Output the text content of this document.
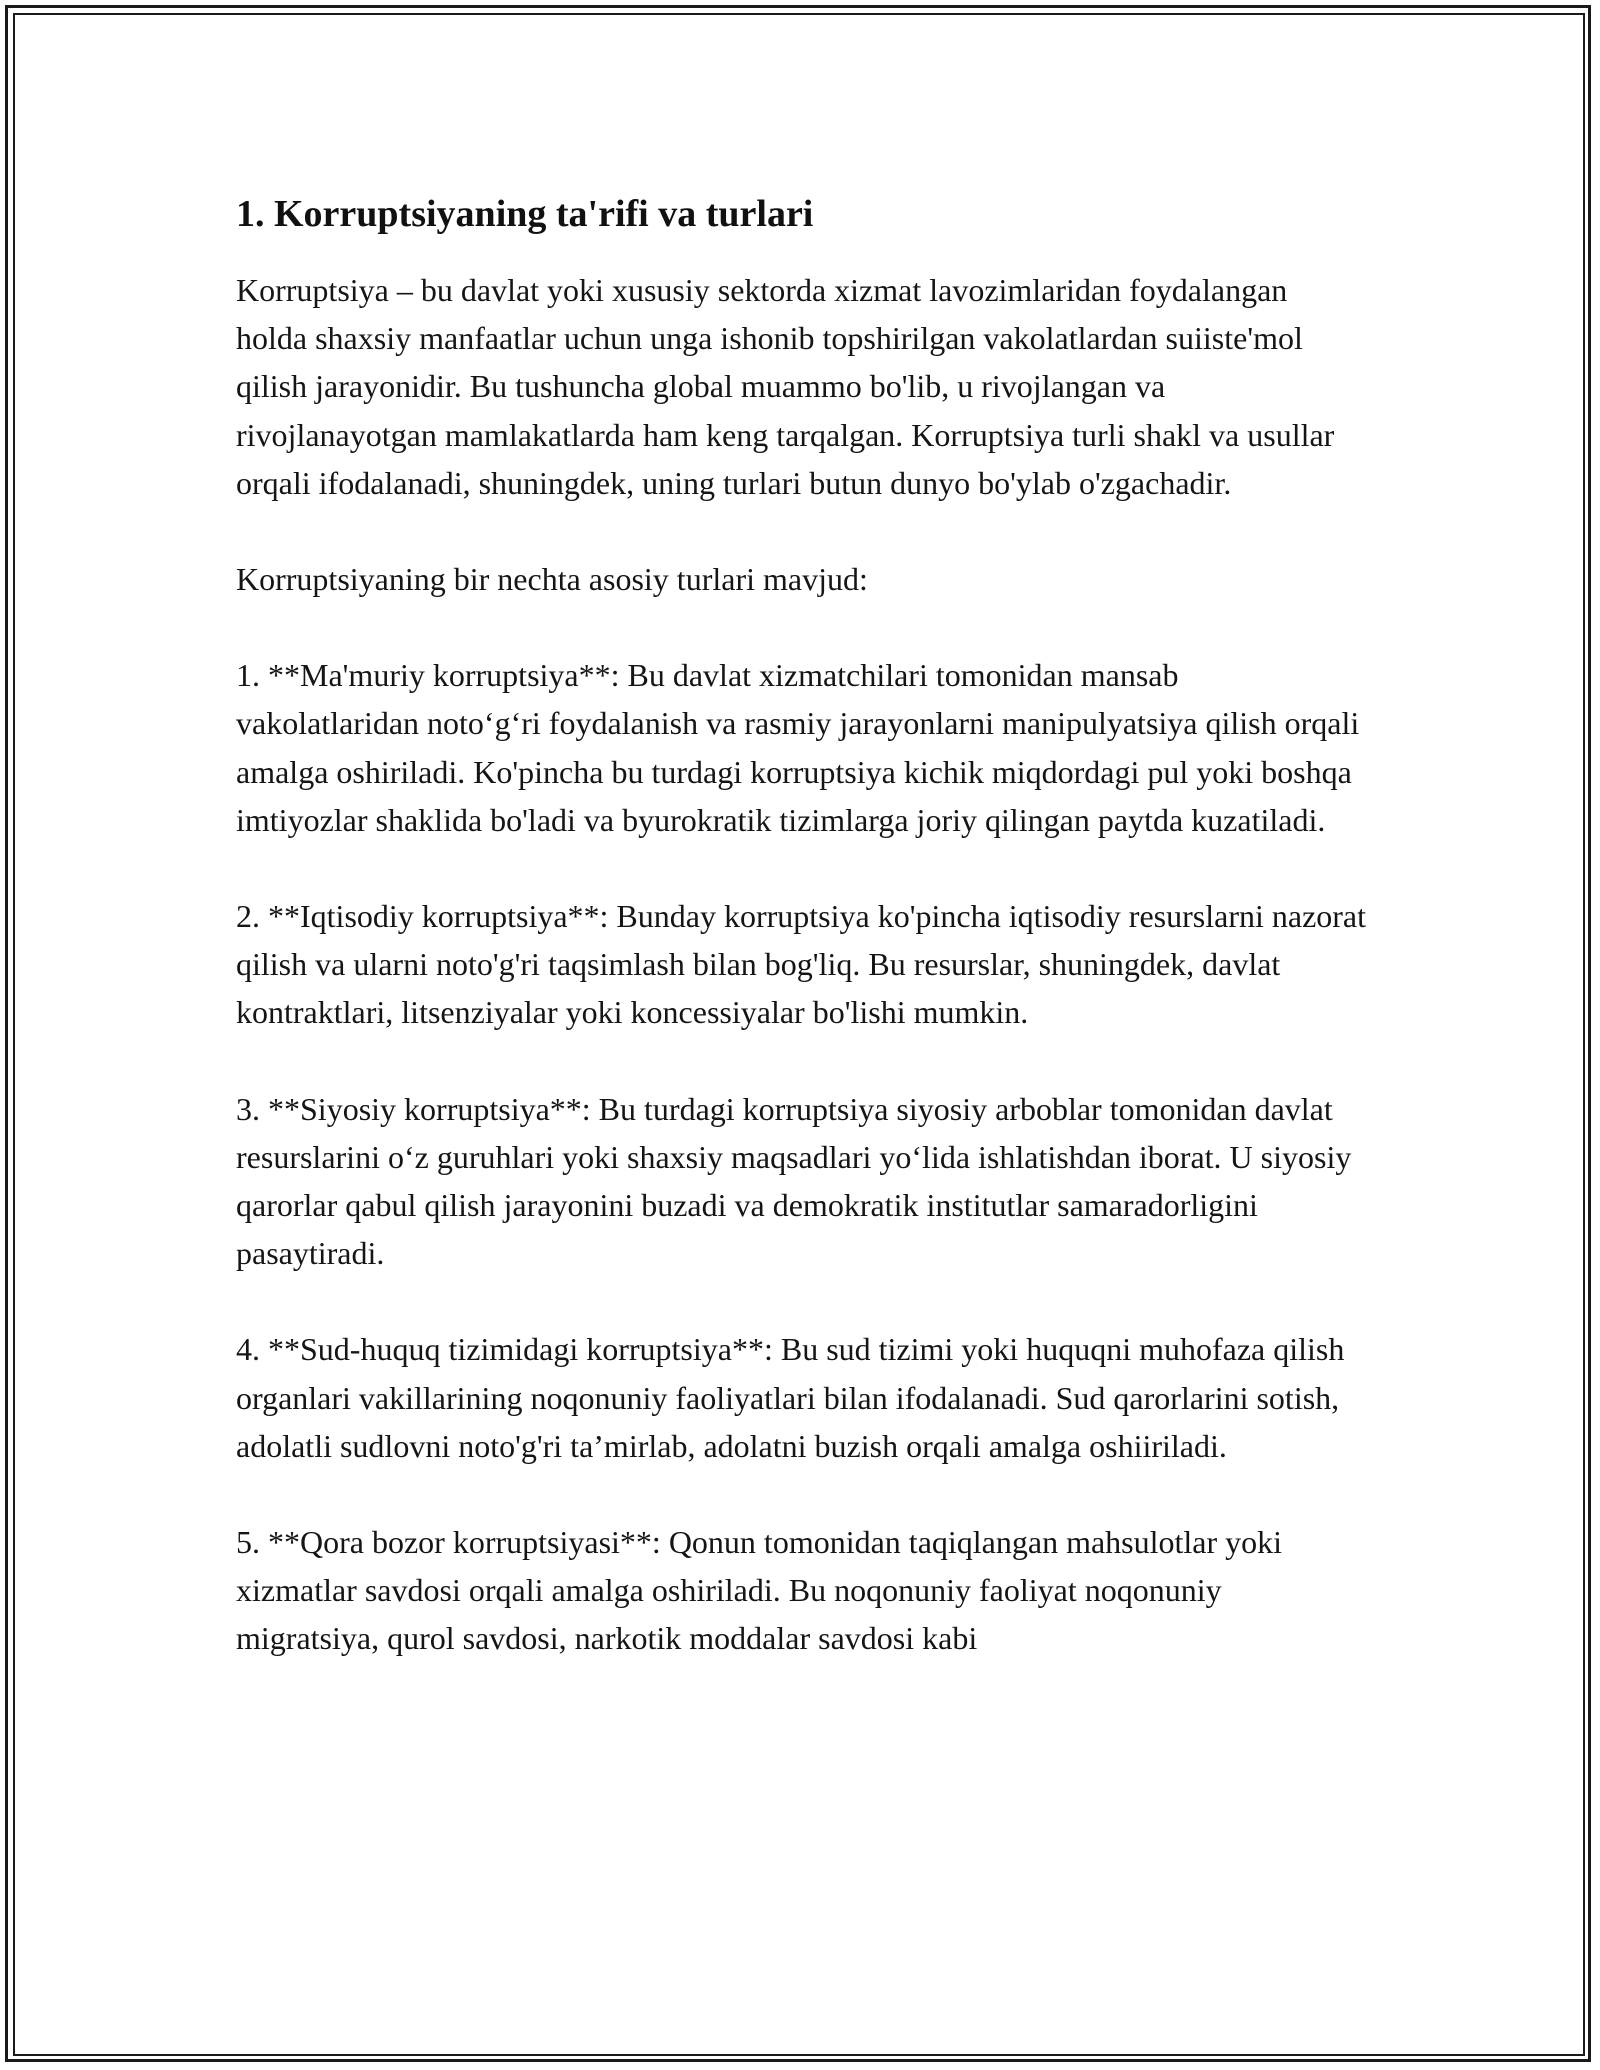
1. Korruptsiyaning ta'rifi va turlari

Korruptsiya – bu davlat yoki xususiy sektorda xizmat lavozimlaridan foydalangan holda shaxsiy manfaatlar uchun unga ishonib topshirilgan vakolatlardan suiiste'mol qilish jarayonidir. Bu tushuncha global muammo bo'lib, u rivojlangan va rivojlanayotgan mamlakatlarda ham keng tarqalgan. Korruptsiya turli shakl va usullar orqali ifodalanadi, shuningdek, uning turlari butun dunyo bo'ylab o'zgachadir.

Korruptsiyaning bir nechta asosiy turlari mavjud:

1. **Ma'muriy korruptsiya**: Bu davlat xizmatchilari tomonidan mansab vakolatlaridan noto‘g‘ri foydalanish va rasmiy jarayonlarni manipulyatsiya qilish orqali amalga oshiriladi. Ko'pincha bu turdagi korruptsiya kichik miqdordagi pul yoki boshqa imtiyozlar shaklida bo'ladi va byurokratik tizimlarga joriy qilingan paytda kuzatiladi.

2. **Iqtisodiy korruptsiya**: Bunday korruptsiya ko'pincha iqtisodiy resurslarni nazorat qilish va ularni noto'g'ri taqsimlash bilan bog'liq. Bu resurslar, shuningdek, davlat kontraktlari, litsenziyalar yoki koncessiyalar bo'lishi mumkin.

3. **Siyosiy korruptsiya**: Bu turdagi korruptsiya siyosiy arboblar tomonidan davlat resurslarini o‘z guruhlari yoki shaxsiy maqsadlari yo‘lida ishlatishdan iborat. U siyosiy qarorlar qabul qilish jarayonini buzadi va demokratik institutlar samaradorligini pasaytiradi.

4. **Sud-huquq tizimidagi korruptsiya**: Bu sud tizimi yoki huquqni muhofaza qilish organlari vakillarining noqonuniy faoliyatlari bilan ifodalanadi. Sud qarorlarini sotish, adolatli sudlovni noto'g'ri ta’mirlab, adolatni buzish orqali amalga oshiiriladi.

5. **Qora bozor korruptsiyasi**: Qonun tomonidan taqiqlangan mahsulotlar yoki xizmatlar savdosi orqali amalga oshiriladi. Bu noqonuniy faoliyat noqonuniy migratsiya, qurol savdosi, narkotik moddalar savdosi kabi
